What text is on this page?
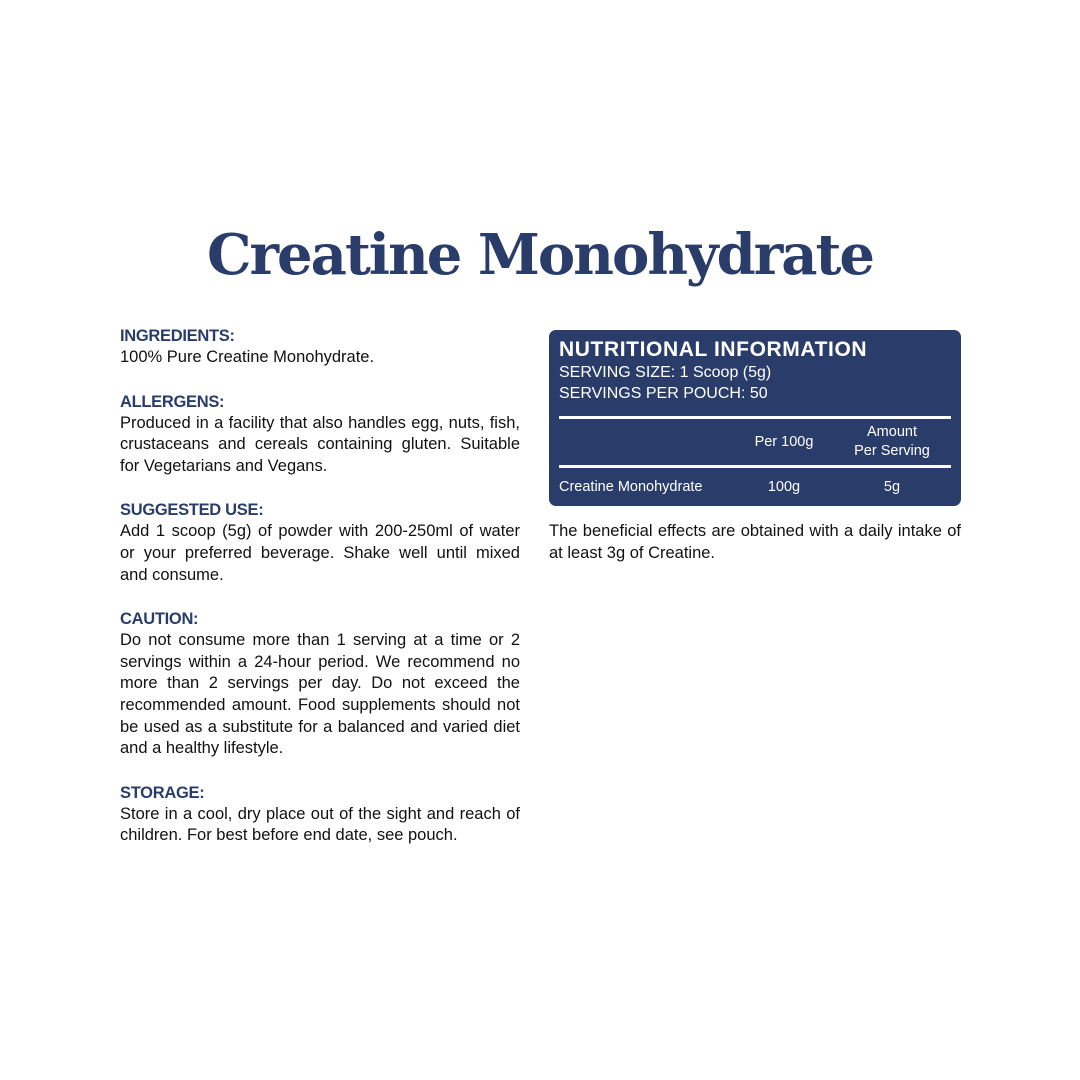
Creatine Monohydrate

INGREDIENTS:

100% Pure Creatine Monohydrate.

ALLERGENS:

Produced in a facility that also handles egg, nuts, fish, crustaceans and cereals containing gluten. Suitable for Vegetarians and Vegans.

SUGGESTED USE:

Add 1 scoop (5g) of powder with 200-250ml of water or your preferred beverage. Shake well until mixed and consume.

CAUTION:

Do not consume more than 1 serving at a time or 2 servings within a 24-hour period. We recommend no more than 2 servings per day. Do not exceed the recommended amount. Food supplements should not be used as a substitute for a balanced and varied diet and a healthy lifestyle.

STORAGE:

Store in a cool, dry place out of the sight and reach of children. For best before end date, see pouch.

NUTRITIONAL INFORMATION

SERVING SIZE: 1 Scoop (5g)

SERVINGS PER POUCH: 50

Per 100g
Amount
Per Serving
Creatine Monohydrate	100g	5g

The beneficial effects are obtained with a daily intake of at least 3g of Creatine.
